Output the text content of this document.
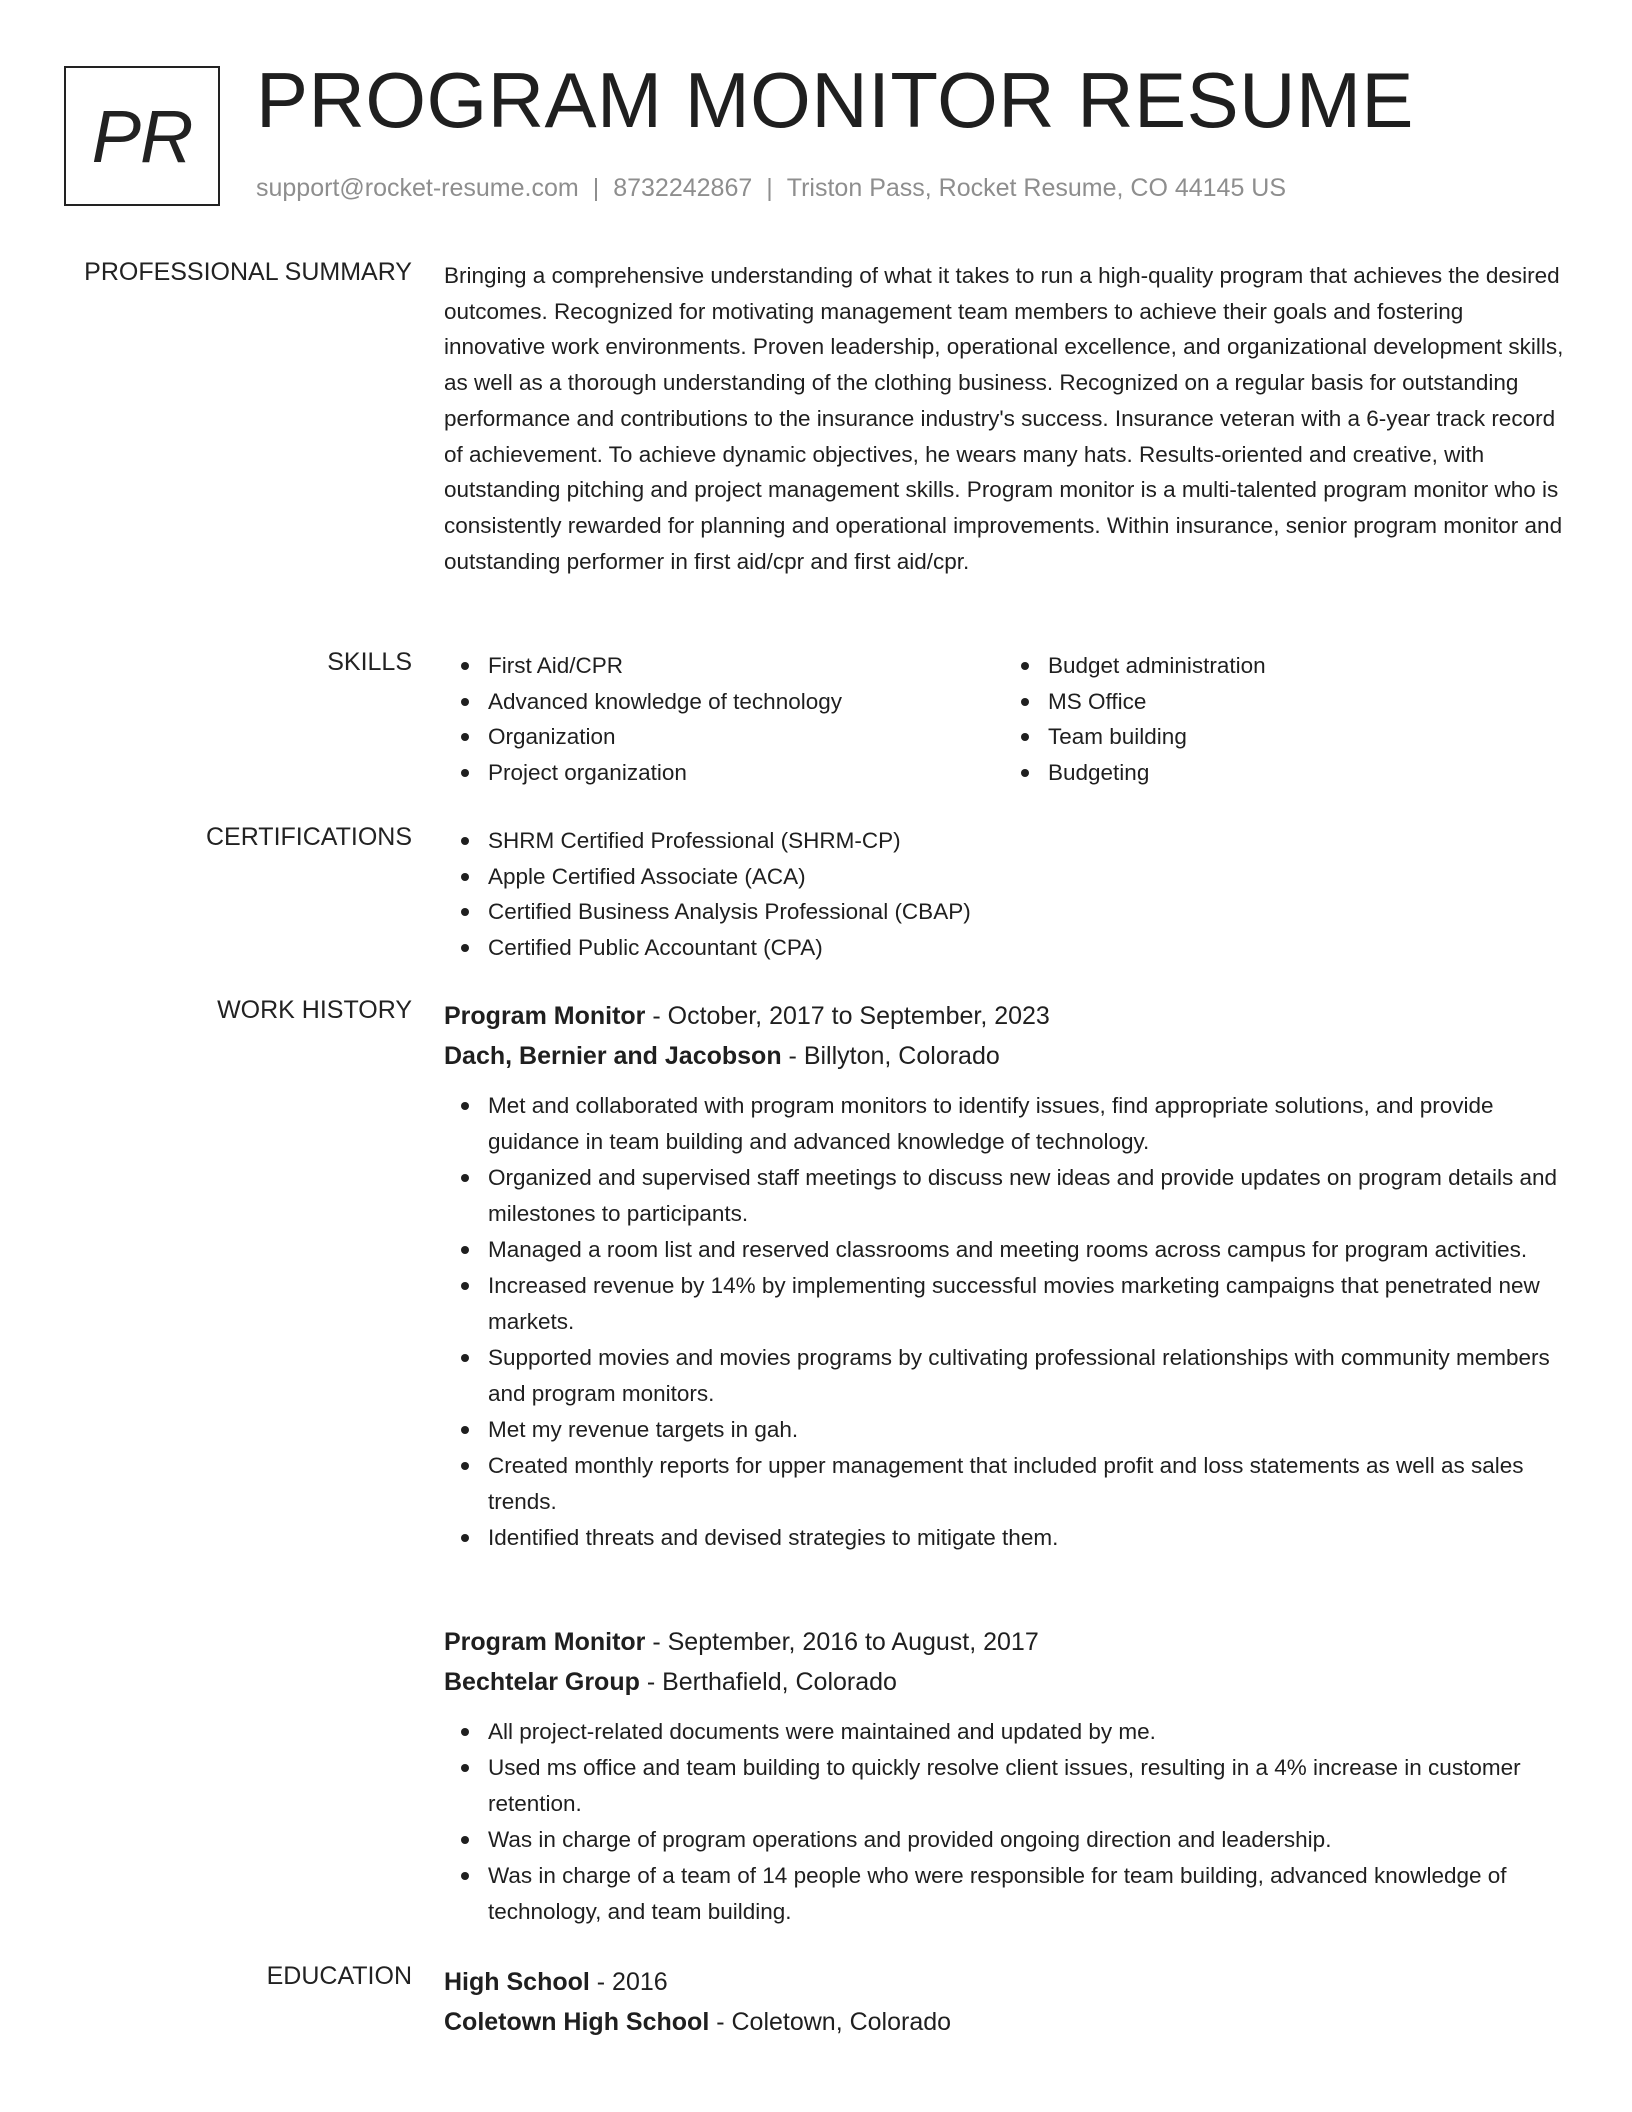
PR PROGRAM MONITOR RESUME
support@rocket-resume.com | 8732242867 | Triston Pass, Rocket Resume, CO 44145 US
PROFESSIONAL SUMMARY Bringing a comprehensive understanding of what it takes to run a high-quality program that achieves the desired outcomes. Recognized for motivating management team members to achieve their goals and fostering innovative work environments. Proven leadership, operational excellence, and organizational development skills, as well as a thorough understanding of the clothing business. Recognized on a regular basis for outstanding performance and contributions to the insurance industry's success. Insurance veteran with a 6-year track record of achievement. To achieve dynamic objectives, he wears many hats. Results-oriented and creative, with outstanding pitching and project management skills. Program monitor is a multi-talented program monitor who is consistently rewarded for planning and operational improvements. Within insurance, senior program monitor and outstanding performer in first aid/cpr and first aid/cpr.

SKILLS	First Aid/CPR
Advanced knowledge of technology
Organization
Project organization
Budget administration
MS Office
Team building
Budgeting
CERTIFICATIONS	SHRM Certified Professional (SHRM-CP)
Apple Certified Associate (ACA)
Certified Business Analysis Professional (CBAP)
Certified Public Accountant (CPA)
WORK HISTORY Program Monitor - October, 2017 to September, 2023
Dach, Bernier and Jacobson - Billyton, Colorado
Met and collaborated with program monitors to identify issues, find appropriate solutions, and provide guidance in team building and advanced knowledge of technology.
Organized and supervised staff meetings to discuss new ideas and provide updates on program details and milestones to participants.
Managed a room list and reserved classrooms and meeting rooms across campus for program activities.
Increased revenue by 14% by implementing successful movies marketing campaigns that penetrated new markets.
Supported movies and movies programs by cultivating professional relationships with community members and program monitors.
Met my revenue targets in gah.
Created monthly reports for upper management that included profit and loss statements as well as sales trends.
Identified threats and devised strategies to mitigate them.
Program Monitor - September, 2016 to August, 2017
Bechtelar Group - Berthafield, Colorado
All project-related documents were maintained and updated by me.
Used ms office and team building to quickly resolve client issues, resulting in a 4% increase in customer retention.
Was in charge of program operations and provided ongoing direction and leadership.
Was in charge of a team of 14 people who were responsible for team building, advanced knowledge of technology, and team building.
EDUCATION High School - 2016
Coletown High School - Coletown, Colorado
